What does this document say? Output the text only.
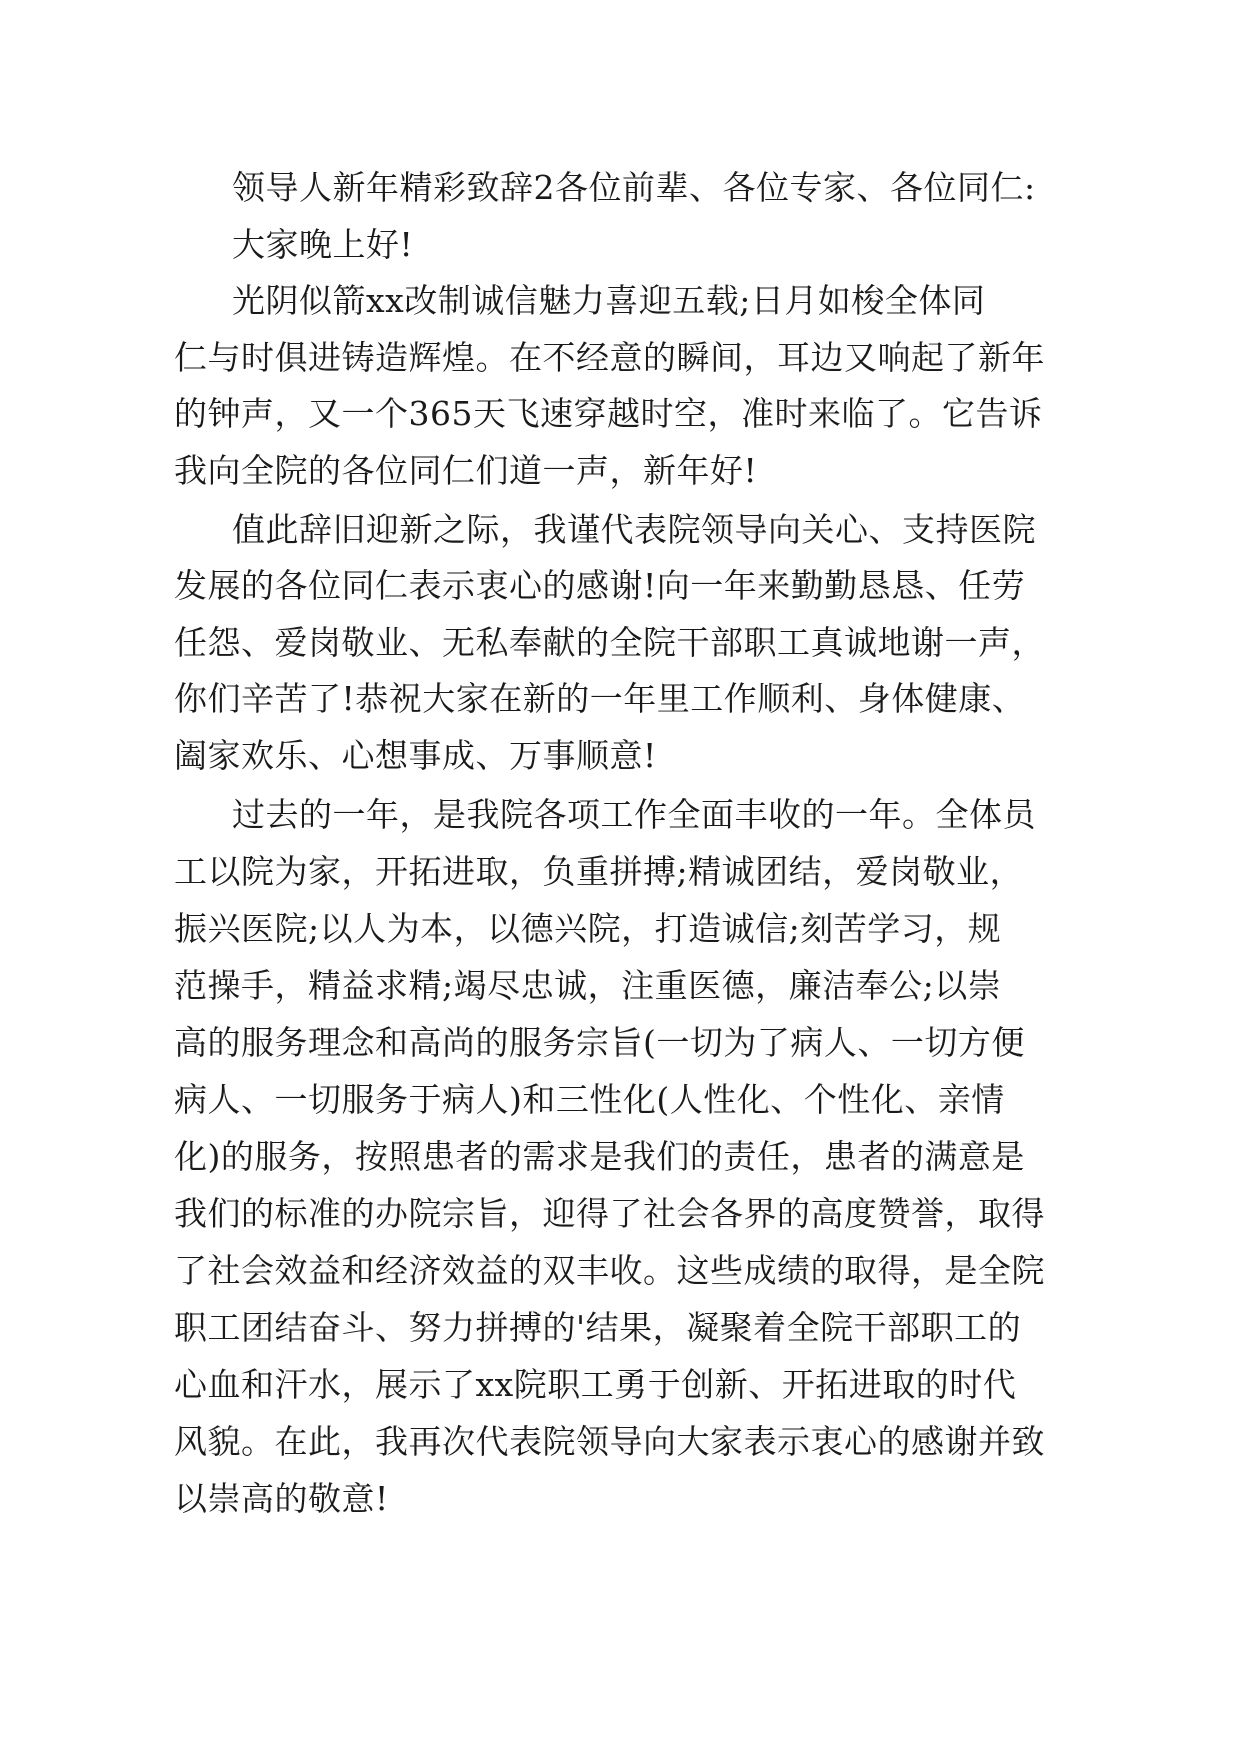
领导人新年精彩致辞2各位前辈、各位专家、各位同仁:
大家晚上好!
光阴似箭xx改制诚信魅力喜迎五载;日月如梭全体同
仁与时俱进铸造辉煌。在不经意的瞬间，耳边又响起了新年
的钟声，又一个365天飞速穿越时空，准时来临了。它告诉
我向全院的各位同仁们道一声，新年好!
值此辞旧迎新之际，我谨代表院领导向关心、支持医院
发展的各位同仁表示衷心的感谢!向一年来勤勤恳恳、任劳
任怨、爱岗敬业、无私奉献的全院干部职工真诚地谢一声，
你们辛苦了!恭祝大家在新的一年里工作顺利、身体健康、
阖家欢乐、心想事成、万事顺意!
过去的一年，是我院各项工作全面丰收的一年。全体员
工以院为家，开拓进取，负重拼搏;精诚团结，爱岗敬业，
振兴医院;以人为本，以德兴院，打造诚信;刻苦学习，规
范操手，精益求精;竭尽忠诚，注重医德，廉洁奉公;以崇
高的服务理念和高尚的服务宗旨(一切为了病人、一切方便
病人、一切服务于病人)和三性化(人性化、个性化、亲情
化)的服务，按照患者的需求是我们的责任，患者的满意是
我们的标准的办院宗旨，迎得了社会各界的高度赞誉，取得
了社会效益和经济效益的双丰收。这些成绩的取得，是全院
职工团结奋斗、努力拼搏的'结果，凝聚着全院干部职工的
心血和汗水，展示了xx院职工勇于创新、开拓进取的时代
风貌。在此，我再次代表院领导向大家表示衷心的感谢并致
以崇高的敬意!
